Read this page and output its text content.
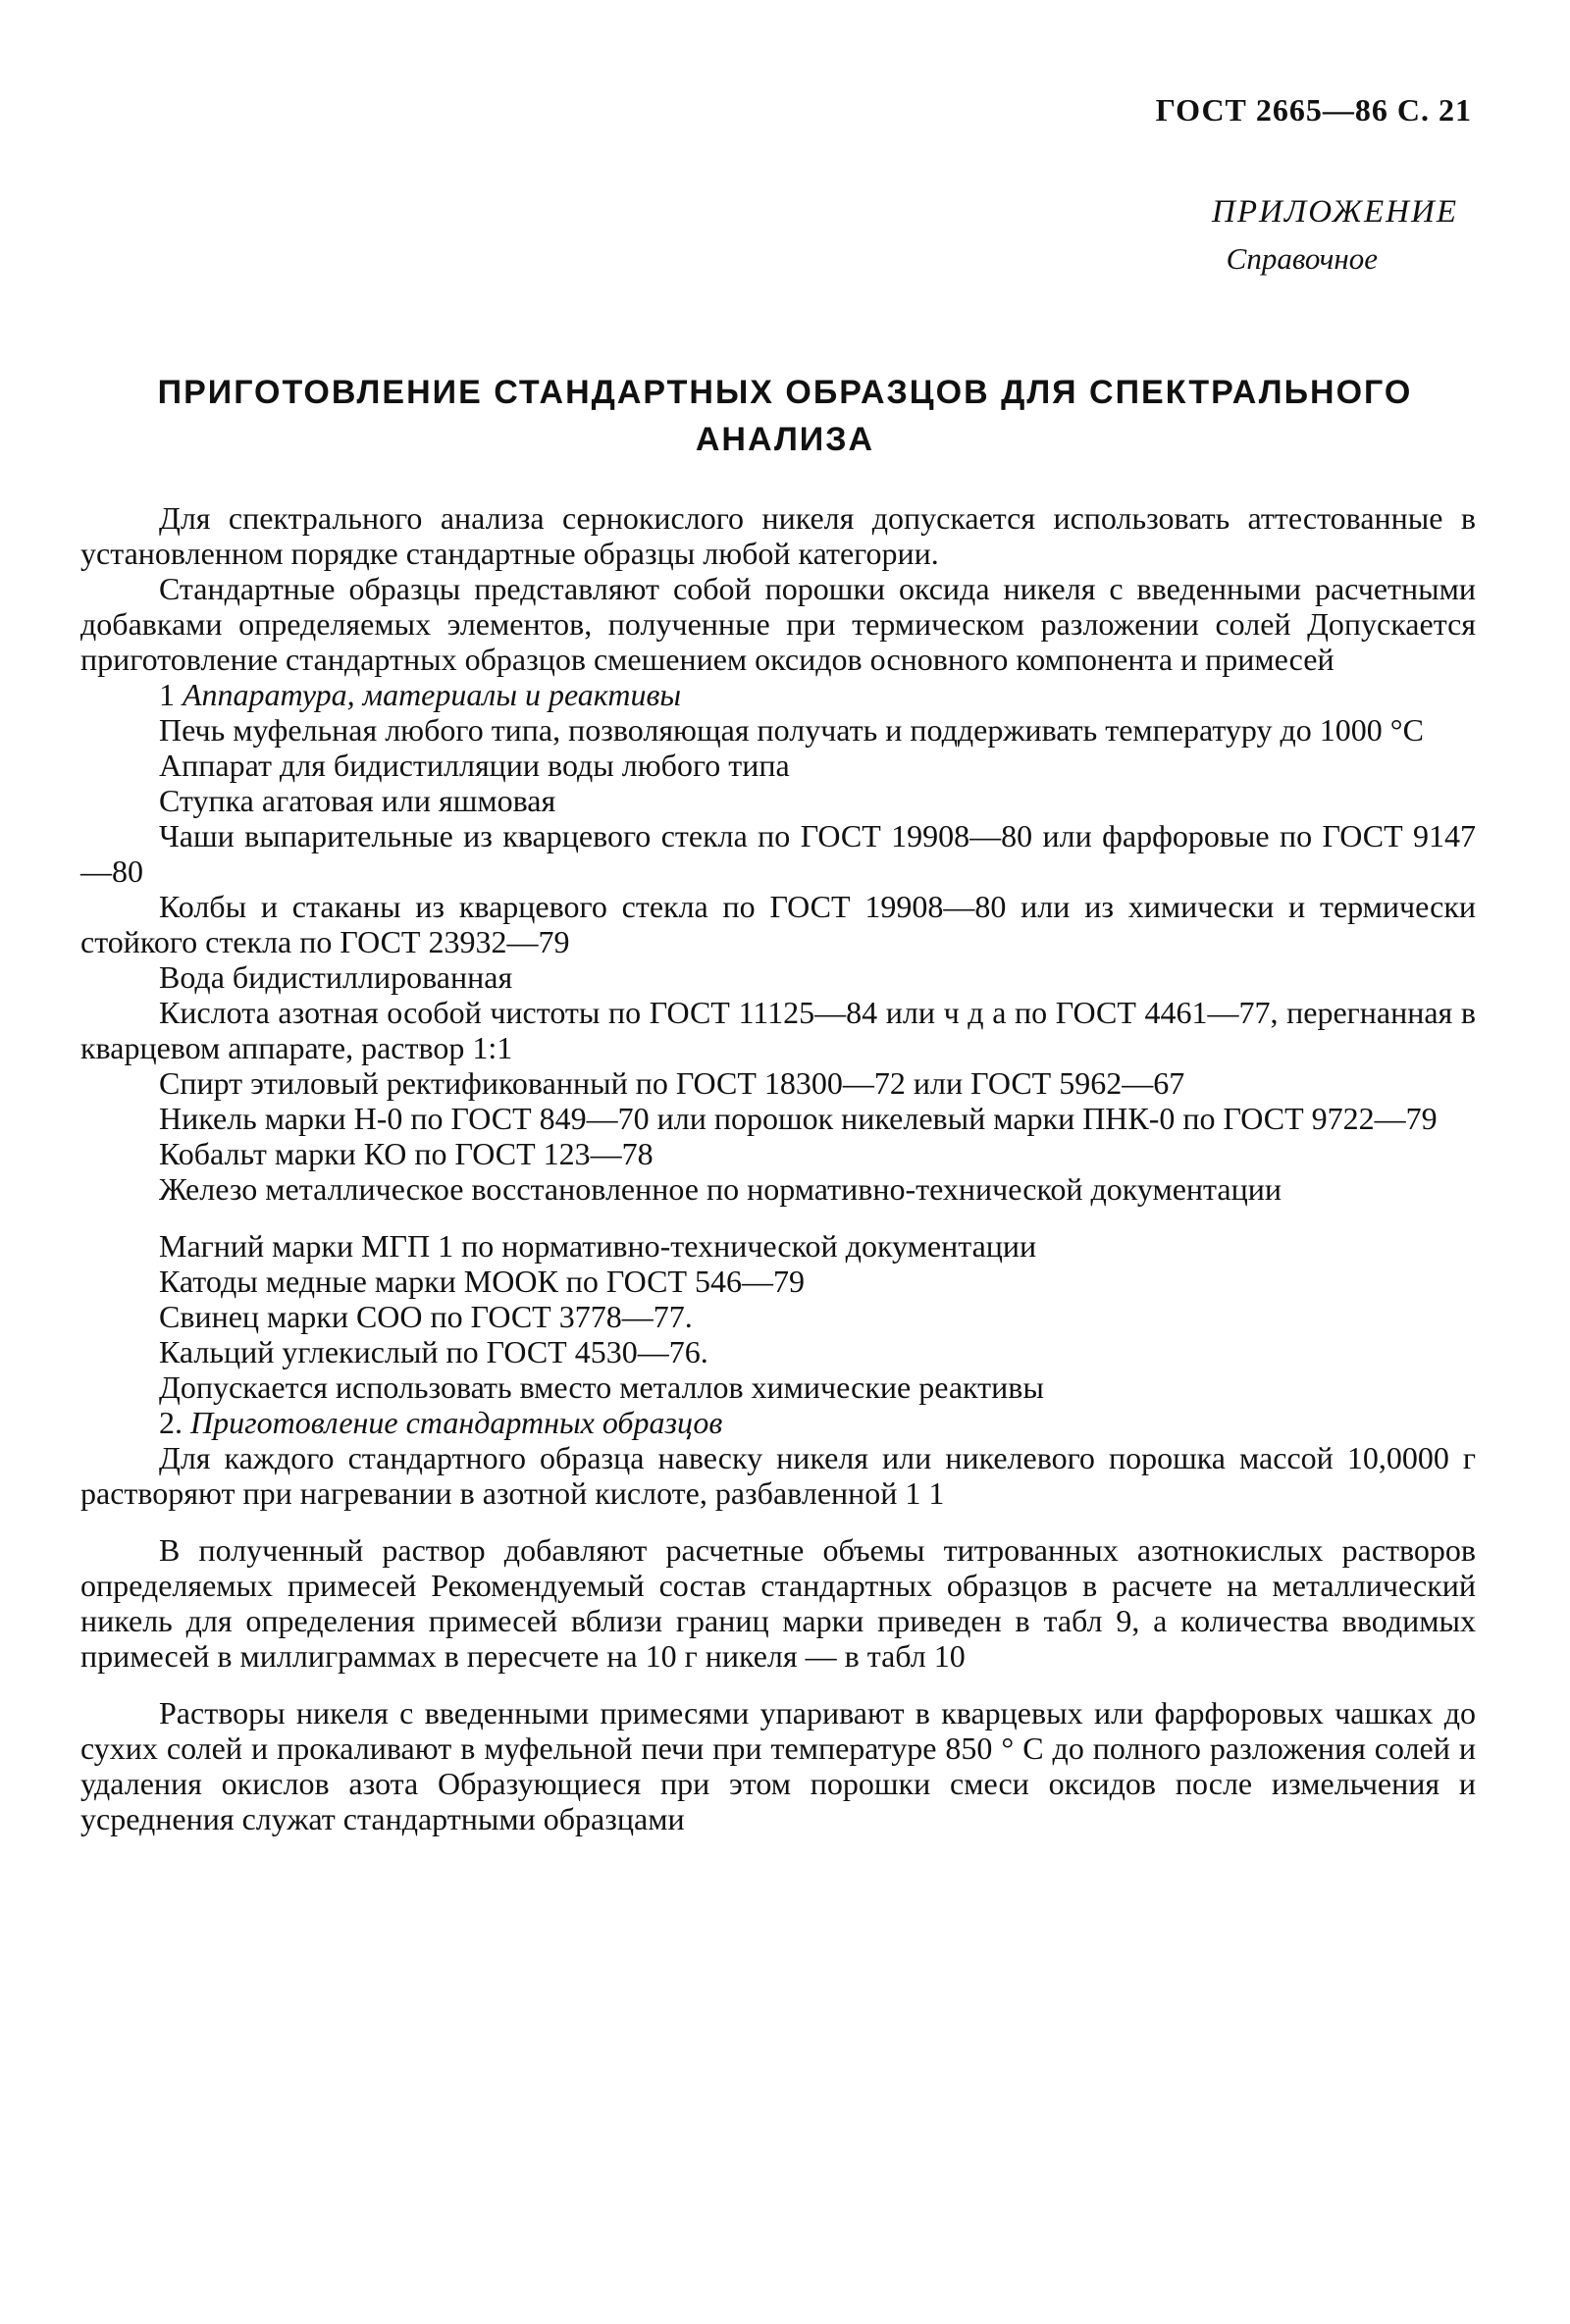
ГОСТ 2665—86 С. 21
ПРИЛОЖЕНИЕ
Справочное
ПРИГОТОВЛЕНИЕ СТАНДАРТНЫХ ОБРАЗЦОВ ДЛЯ СПЕКТРАЛЬНОГО
АНАЛИЗА

Для спектрального анализа сернокислого никеля допускается использовать аттестованные в установленном порядке стандартные образцы любой категории.

Стандартные образцы представляют собой порошки оксида никеля с введенными расчетными добавками определяемых элементов, полученные при термическом разложении солей Допускается приготовление стандартных образцов смешением оксидов основного компонента и примесей

1 Аппаратура, материалы и реактивы

Печь муфельная любого типа, позволяющая получать и поддерживать температуру до 1000 °С

Аппарат для бидистилляции воды любого типа

Ступка агатовая или яшмовая

Чаши выпарительные из кварцевого стекла по ГОСТ 19908—80 или фарфоровые по ГОСТ 9147—80

Колбы и стаканы из кварцевого стекла по ГОСТ 19908—80 или из химически и термически стойкого стекла по ГОСТ 23932—79

Вода бидистиллированная

Кислота азотная особой чистоты по ГОСТ 11125—84 или ч д а по ГОСТ 4461—77, перегнанная в кварцевом аппарате, раствор 1:1

Спирт этиловый ректификованный по ГОСТ 18300—72 или ГОСТ 5962—67

Никель марки Н-0 по ГОСТ 849—70 или порошок никелевый марки ПНК-0 по ГОСТ 9722—79

Кобальт марки КО по ГОСТ 123—78

Железо металлическое восстановленное по нормативно-технической документации

Магний марки МГП 1 по нормативно-технической документации

Катоды медные марки МООК по ГОСТ 546—79

Свинец марки СОО по ГОСТ 3778—77.

Кальций углекислый по ГОСТ 4530—76.

Допускается использовать вместо металлов химические реактивы

2. Приготовление стандартных образцов

Для каждого стандартного образца навеску никеля или никелевого порошка массой 10,0000 г растворяют при нагревании в азотной кислоте, разбавленной 1 1

В полученный раствор добавляют расчетные объемы титрованных азотнокислых растворов определяемых примесей Рекомендуемый состав стандартных образцов в расчете на металлический никель для определения примесей вблизи границ марки приведен в табл 9, а количества вводимых примесей в миллиграммах в пересчете на 10 г никеля — в табл 10

Растворы никеля с введенными примесями упаривают в кварцевых или фарфоровых чашках до сухих солей и прокаливают в муфельной печи при температуре 850 ° С до полного разложения солей и удаления окислов азота Образующиеся при этом порошки смеси оксидов после измельчения и усреднения служат стандартными образцами
